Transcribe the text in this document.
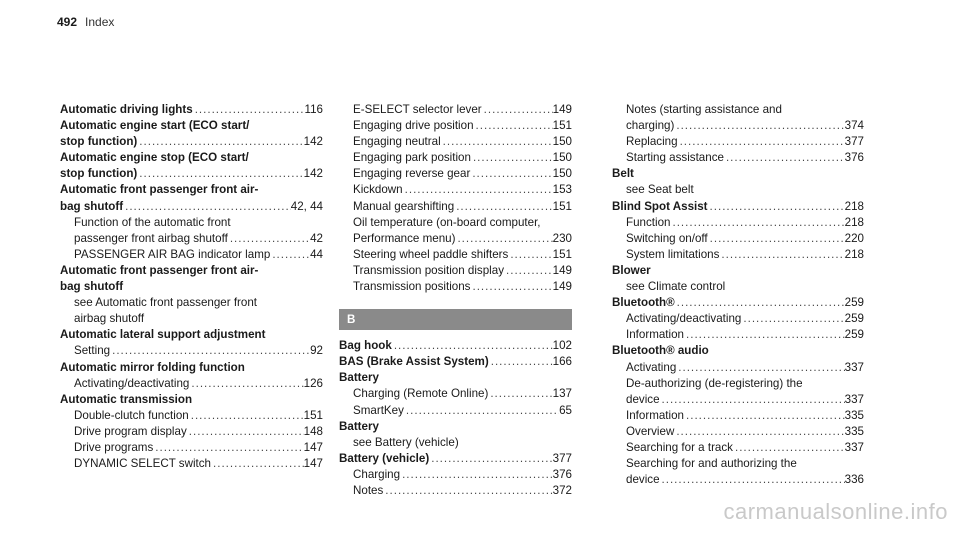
492 Index
Automatic driving lights .....	116
Automatic engine start (ECO start/
stop function) .....	142
Automatic engine stop (ECO start/
stop function) .....	142
Automatic front passenger front air-
bag shutoff .....	42, 44
Function of the automatic front
passenger front airbag shutoff .....	42
PASSENGER AIR BAG indicator lamp .....	44
Automatic front passenger front air-
bag shutoff
see Automatic front passenger front
airbag shutoff
Automatic lateral support adjustment
Setting .....	92
Automatic mirror folding function
Activating/deactivating .....	126
Automatic transmission
Double-clutch function .....	151
Drive program display .....	148
Drive programs .....	147
DYNAMIC SELECT switch .....	147
E-SELECT selector lever .....	149
Engaging drive position .....	151
Engaging neutral .....	150
Engaging park position .....	150
Engaging reverse gear .....	150
Kickdown .....	153
Manual gearshifting .....	151
Oil temperature (on-board computer,
Performance menu) .....	230
Steering wheel paddle shifters .....	151
Transmission position display .....	149
Transmission positions .....	149
B
Bag hook .....	102
BAS (Brake Assist System) .....	166
Battery
Charging (Remote Online) .....	137
SmartKey .....	65
Battery
see Battery (vehicle)
Battery (vehicle) .....	377
Charging .....	376
Notes .....	372
Notes (starting assistance and
charging) .....	374
Replacing .....	377
Starting assistance .....	376
Belt
see Seat belt
Blind Spot Assist .....	218
Function .....	218
Switching on/off .....	220
System limitations .....	218
Blower
see Climate control
Bluetooth® .....	259
Activating/deactivating .....	259
Information .....	259
Bluetooth® audio
Activating .....	337
De-authorizing (de-registering) the
device .....	337
Information .....	335
Overview .....	335
Searching for a track .....	337
Searching for and authorizing the
device .....	336
carmanualsonline.info
